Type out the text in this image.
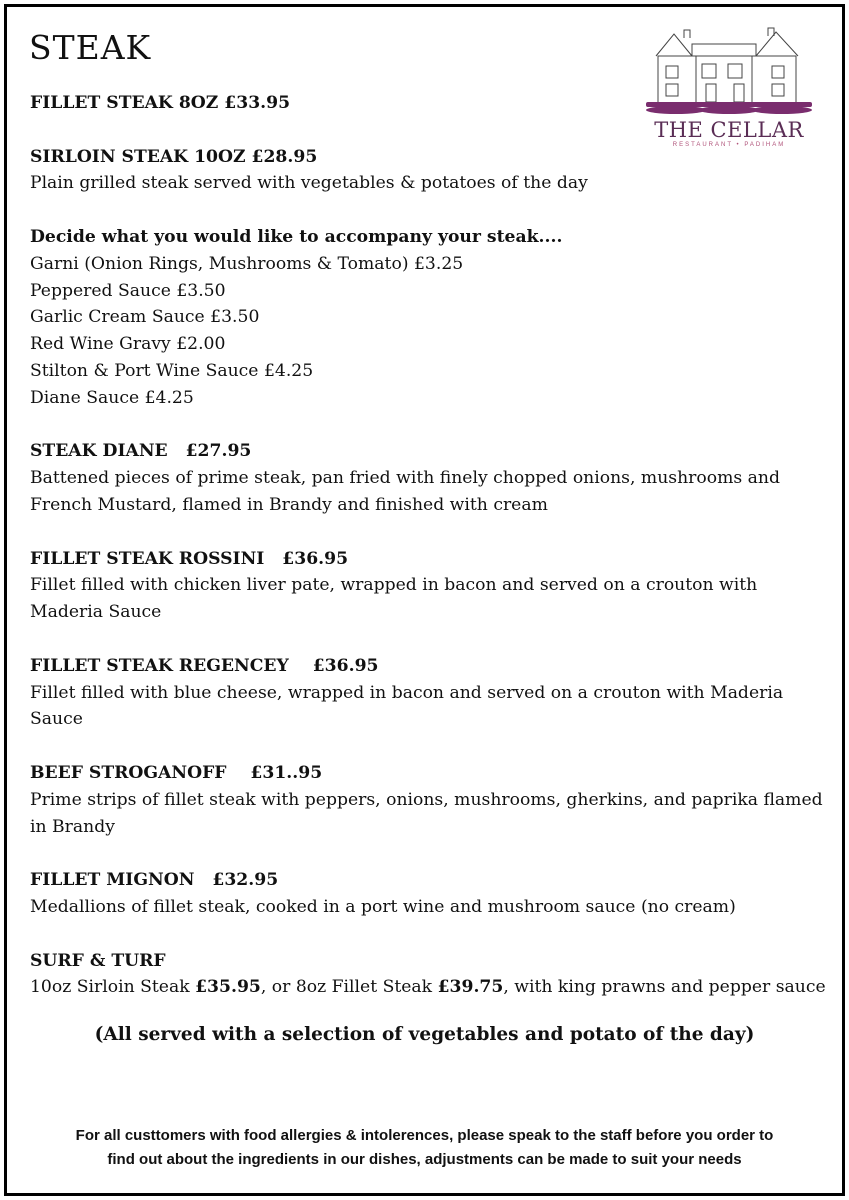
STEAK
THE CELLAR
RESTAURANT • PADIHAM
FILLET STEAK 8OZ £33.95
SIRLOIN STEAK 10OZ £28.95
Plain grilled steak served with vegetables & potatoes of the day
Decide what you would like to accompany your steak....
Garni (Onion Rings, Mushrooms & Tomato) £3.25
Peppered Sauce £3.50
Garlic Cream Sauce £3.50
Red Wine Gravy £2.00
Stilton & Port Wine Sauce £4.25
Diane Sauce £4.25
STEAK DIANE   £27.95
Battened pieces of prime steak, pan fried with finely chopped onions, mushrooms and French Mustard, flamed in Brandy and finished with cream
FILLET STEAK ROSSINI   £36.95
Fillet filled with chicken liver pate, wrapped in bacon and served on a crouton with Maderia Sauce
FILLET STEAK REGENCEY    £36.95
Fillet filled with blue cheese, wrapped in bacon and served on a crouton with Maderia Sauce
BEEF STROGANOFF    £31..95
Prime strips of fillet steak with peppers, onions, mushrooms, gherkins, and paprika flamed in Brandy
FILLET MIGNON   £32.95
Medallions of fillet steak, cooked in a port wine and mushroom sauce (no cream)
SURF & TURF
10oz Sirloin Steak £35.95, or 8oz Fillet Steak £39.75, with king prawns and pepper sauce
(All served with a selection of vegetables and potato of the day)
For all custtomers with food allergies & intolerences, please speak to the staff before you order to
find out about the ingredients in our dishes, adjustments can be made to suit your needs
